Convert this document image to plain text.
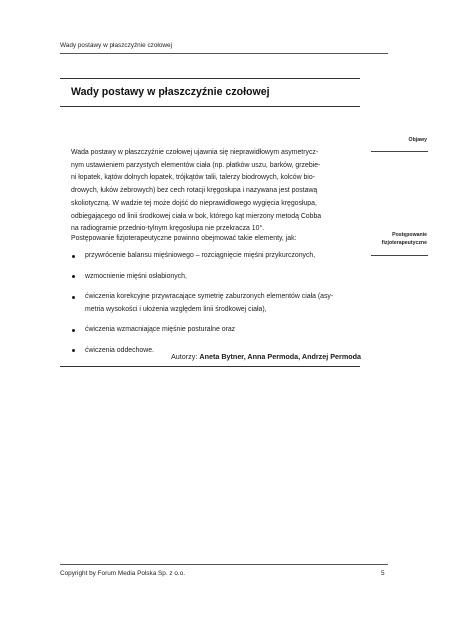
Wady postawy w płaszczyźnie czołowej
Wady postawy w płaszczyźnie czołowej

Wada postawy w płaszczyźnie czołowej ujawnia się nieprawidłowym asymetrycz-
nym ustawieniem parzystych elementów ciała (np. płatków uszu, barków, grzebie-
ni łopatek, kątów dolnych łopatek, trójkątów talii, talerzy biodrowych, kolców bio-
drowych, łuków żebrowych) bez cech rotacji kręgosłupa i nazywana jest postawą
skoliotyczną. W wadzie tej może dojść do nieprawidłowego wygięcia kręgosłupa,
odbiegającego od linii środkowej ciała w bok, którego kąt mierzony metodą Cobba
na radiogramie przednio-tylnym kręgosłupa nie przekracza 10°.

Postępowanie fizjoterapeutyczne powinno obejmować takie elementy, jak:

przywrócenie balansu mięśniowego – rozciągnięcie mięśni przykurczonych,
wzmocnienie mięśni osłabionych,
ćwiczenia korekcyjne przywracające symetrię zaburzonych elementów ciała (asy-
metria wysokości i ułożenia względem linii środkowej ciała),
ćwiczenia wzmacniające mięśnie posturalne oraz
ćwiczenia oddechowe.
Autorzy: Aneta Bytner, Anna Permoda, Andrzej Permoda
Objawy
Postępowanie
fizjoterapeutyczne
Copyright by Forum Media Polska Sp. z o.o.	5
